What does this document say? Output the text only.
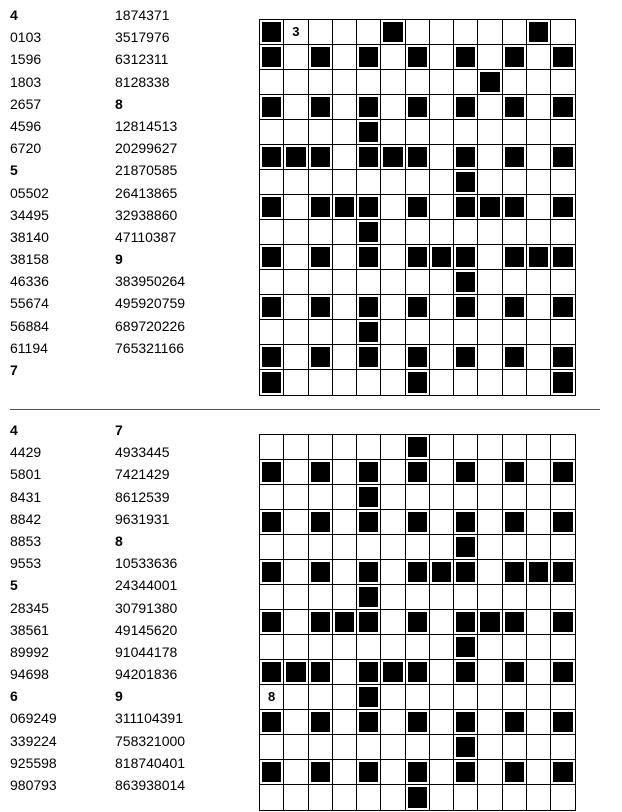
4
0103
1596
1803
2657
4596
6720
5
05502
34495
38140
38158
46336
55674
56884
61194
7
1874371
3517976
6312311
8128338
8
12814513
20299627
21870585
26413865
32938860
47110387
9
383950264
495920759
689720226
765321166
3
4
4429
5801
8431
8842
8853
9553
5
28345
38561
89992
94698
6
069249
339224
925598
980793
7
4933445
7421429
8612539
9631931
8
10533636
24344001
30791380
49145620
91044178
94201836
9
311104391
758321000
818740401
863938014
8
